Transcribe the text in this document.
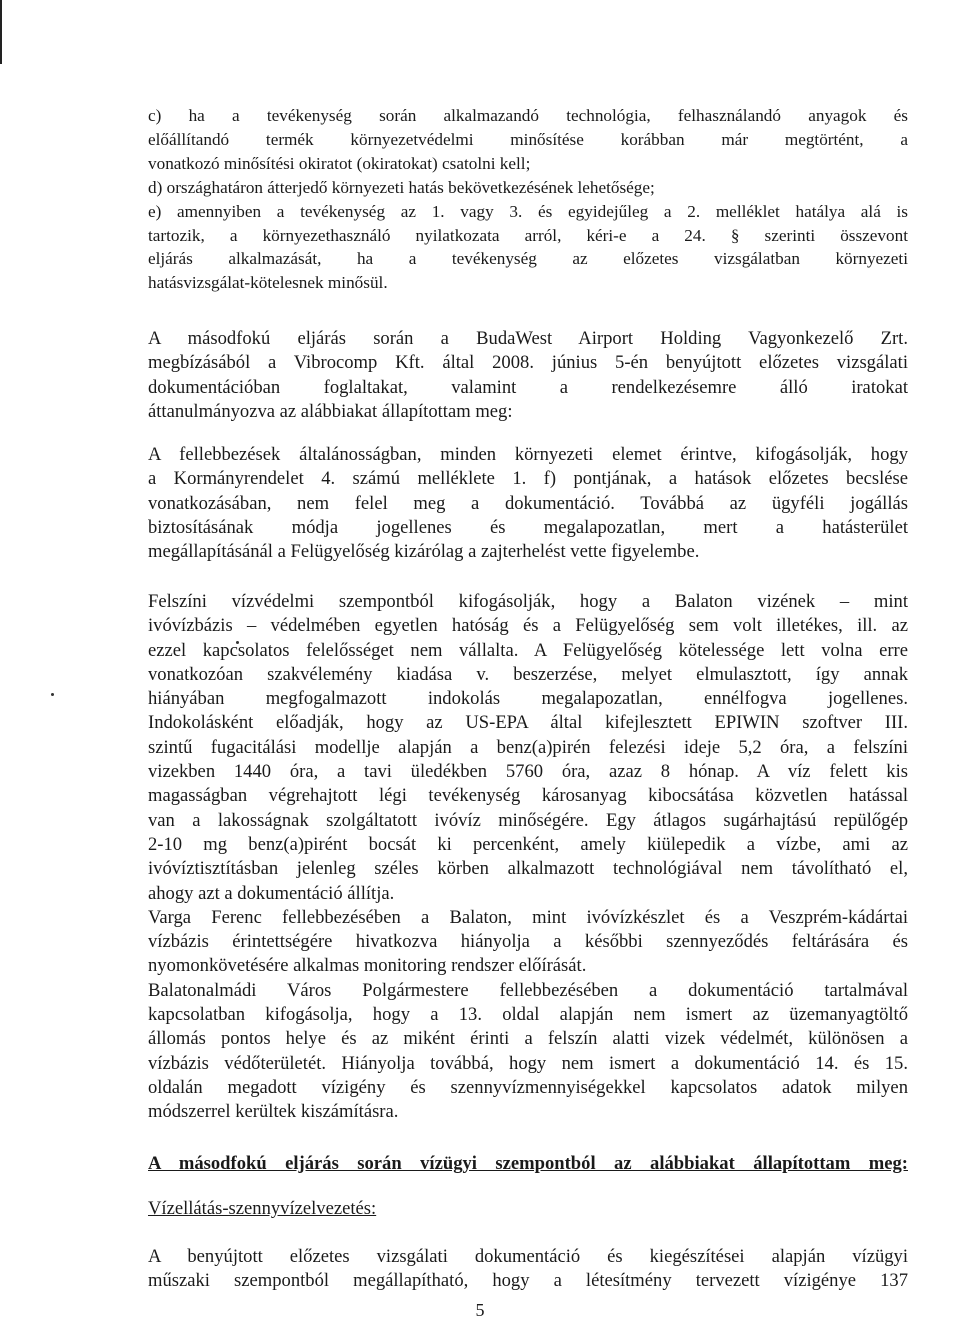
c) ha a tevékenység során alkalmazandó technológia, felhasználandó anyagok és
előállítandó termék környezetvédelmi minősítése korábban már megtörtént, a
vonatkozó minősítési okiratot (okiratokat) csatolni kell;
d) országhatáron átterjedő környezeti hatás bekövetkezésének lehetősége;
e) amennyiben a tevékenység az 1. vagy 3. és egyidejűleg a 2. melléklet hatálya alá is
tartozik, a környezethasználó nyilatkozata arról, kéri-e a 24. § szerinti összevont
eljárás alkalmazását, ha a tevékenység az előzetes vizsgálatban környezeti
hatásvizsgálat-kötelesnek minősül.

A másodfokú eljárás során a BudaWest Airport Holding Vagyonkezelő Zrt.
megbízásából a Vibrocomp Kft. által 2008. június 5-én benyújtott előzetes vizsgálati
dokumentációban foglaltakat, valamint a rendelkezésemre álló iratokat
áttanulmányozva az alábbiakat állapítottam meg:

A fellebbezések általánosságban, minden környezeti elemet érintve, kifogásolják, hogy
a Kormányrendelet 4. számú melléklete 1. f) pontjának, a hatások előzetes becslése
vonatkozásában, nem felel meg a dokumentáció. Továbbá az ügyféli jogállás
biztosításának módja jogellenes és megalapozatlan, mert a hatásterület
megállapításánál a Felügyelőség kizárólag a zajterhelést vette figyelembe.

Felszíni vízvédelmi szempontból kifogásolják, hogy a Balaton vizének – mint
ivóvízbázis – védelmében egyetlen hatóság és a Felügyelőség sem volt illetékes, ill. az
ezzel kapcsolatos felelősséget nem vállalta. A Felügyelőség kötelessége lett volna erre
vonatkozóan szakvélemény kiadása v. beszerzése, melyet elmulasztott, így annak
hiányában megfogalmazott indokolás megalapozatlan, ennélfogva jogellenes.
Indokolásként előadják, hogy az US-EPA által kifejlesztett EPIWIN szoftver III.
szintű fugacitálási modellje alapján a benz(a)pirén felezési ideje 5,2 óra, a felszíni
vizekben 1440 óra, a tavi üledékben 5760 óra, azaz 8 hónap. A víz felett kis
magasságban végrehajtott légi tevékenység károsanyag kibocsátása közvetlen hatással
van a lakosságnak szolgáltatott ivóvíz minőségére. Egy átlagos sugárhajtású repülőgép
2-10 mg benz(a)pirént bocsát ki percenként, amely kiülepedik a vízbe, ami az
ivóvíztisztításban jelenleg széles körben alkalmazott technológiával nem távolítható el,
ahogy azt a dokumentáció állítja.
Varga Ferenc fellebbezésében a Balaton, mint ivóvízkészlet és a Veszprém-kádártai
vízbázis érintettségére hivatkozva hiányolja a későbbi szennyeződés feltárására és
nyomonkövetésére alkalmas monitoring rendszer előírását.
Balatonalmádi Város Polgármestere fellebbezésében a dokumentáció tartalmával
kapcsolatban kifogásolja, hogy a 13. oldal alapján nem ismert az üzemanyagtöltő
állomás pontos helye és az miként érinti a felszín alatti vizek védelmét, különösen a
vízbázis védőterületét. Hiányolja továbbá, hogy nem ismert a dokumentáció 14. és 15.
oldalán megadott vízigény és szennyvízmennyiségekkel kapcsolatos adatok milyen
módszerrel kerültek kiszámításra.

A másodfokú eljárás során vízügyi szempontból az alábbiakat állapítottam meg:

Vízellátás-szennyvízelvezetés:

A benyújtott előzetes vizsgálati dokumentáció és kiegészítései alapján vízügyi
műszaki szempontból megállapítható, hogy a létesítmény tervezett vízigénye 137

5
